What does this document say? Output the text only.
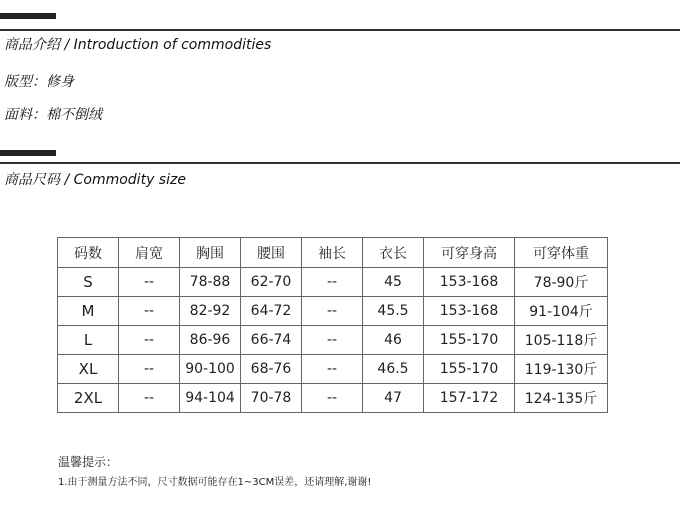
商品介绍 / Introduction of commodities
版型：修身
面料：棉不倒绒
商品尺码 / Commodity size
码数	肩宽	胸围	腰围	袖长	衣长	可穿身高	可穿体重
S	--	78-88	62-70	--	45	153-168	78-90斤
M	--	82-92	64-72	--	45.5	153-168	91-104斤
L	--	86-96	66-74	--	46	155-170	105-118斤
XL	--	90-100	68-76	--	46.5	155-170	119-130斤
2XL	--	94-104	70-78	--	47	157-172	124-135斤
温馨提示：
1.由于测量方法不同，尺寸数据可能存在1~3CM误差，还请理解,谢谢!
